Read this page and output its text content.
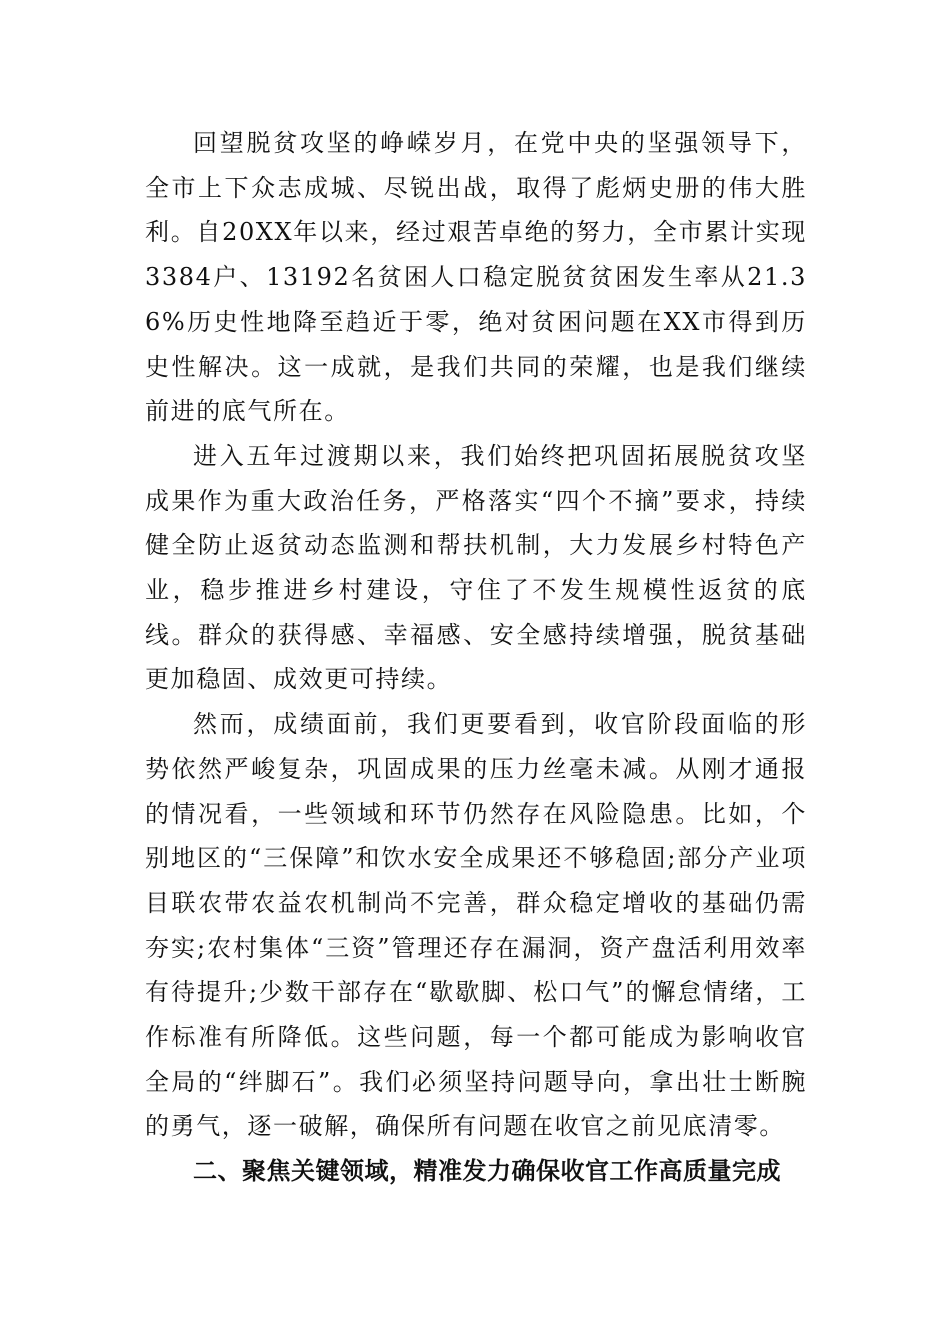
回望脱贫攻坚的峥嵘岁月，在党中央的坚强领导下，全市上下众志成城、尽锐出战，取得了彪炳史册的伟大胜利。自20XX年以来，经过艰苦卓绝的努力，全市累计实现3384户、13192名贫困人口稳定脱贫贫困发生率从21.36%历史性地降至趋近于零，绝对贫困问题在XX市得到历史性解决。这一成就，是我们共同的荣耀，也是我们继续前进的底气所在。

进入五年过渡期以来，我们始终把巩固拓展脱贫攻坚成果作为重大政治任务，严格落实“四个不摘”要求，持续健全防止返贫动态监测和帮扶机制，大力发展乡村特色产业，稳步推进乡村建设，守住了不发生规模性返贫的底线。群众的获得感、幸福感、安全感持续增强，脱贫基础更加稳固、成效更可持续。

然而，成绩面前，我们更要看到，收官阶段面临的形势依然严峻复杂，巩固成果的压力丝毫未减。从刚才通报的情况看，一些领域和环节仍然存在风险隐患。比如，个别地区的“三保障”和饮水安全成果还不够稳固;部分产业项目联农带农益农机制尚不完善，群众稳定增收的基础仍需夯实;农村集体“三资”管理还存在漏洞，资产盘活利用效率有待提升;少数干部存在“歇歇脚、松口气”的懈怠情绪，工作标准有所降低。这些问题，每一个都可能成为影响收官全局的“绊脚石”。我们必须坚持问题导向，拿出壮士断腕的勇气，逐一破解，确保所有问题在收官之前见底清零。

二、聚焦关键领域，精准发力确保收官工作高质量完成
